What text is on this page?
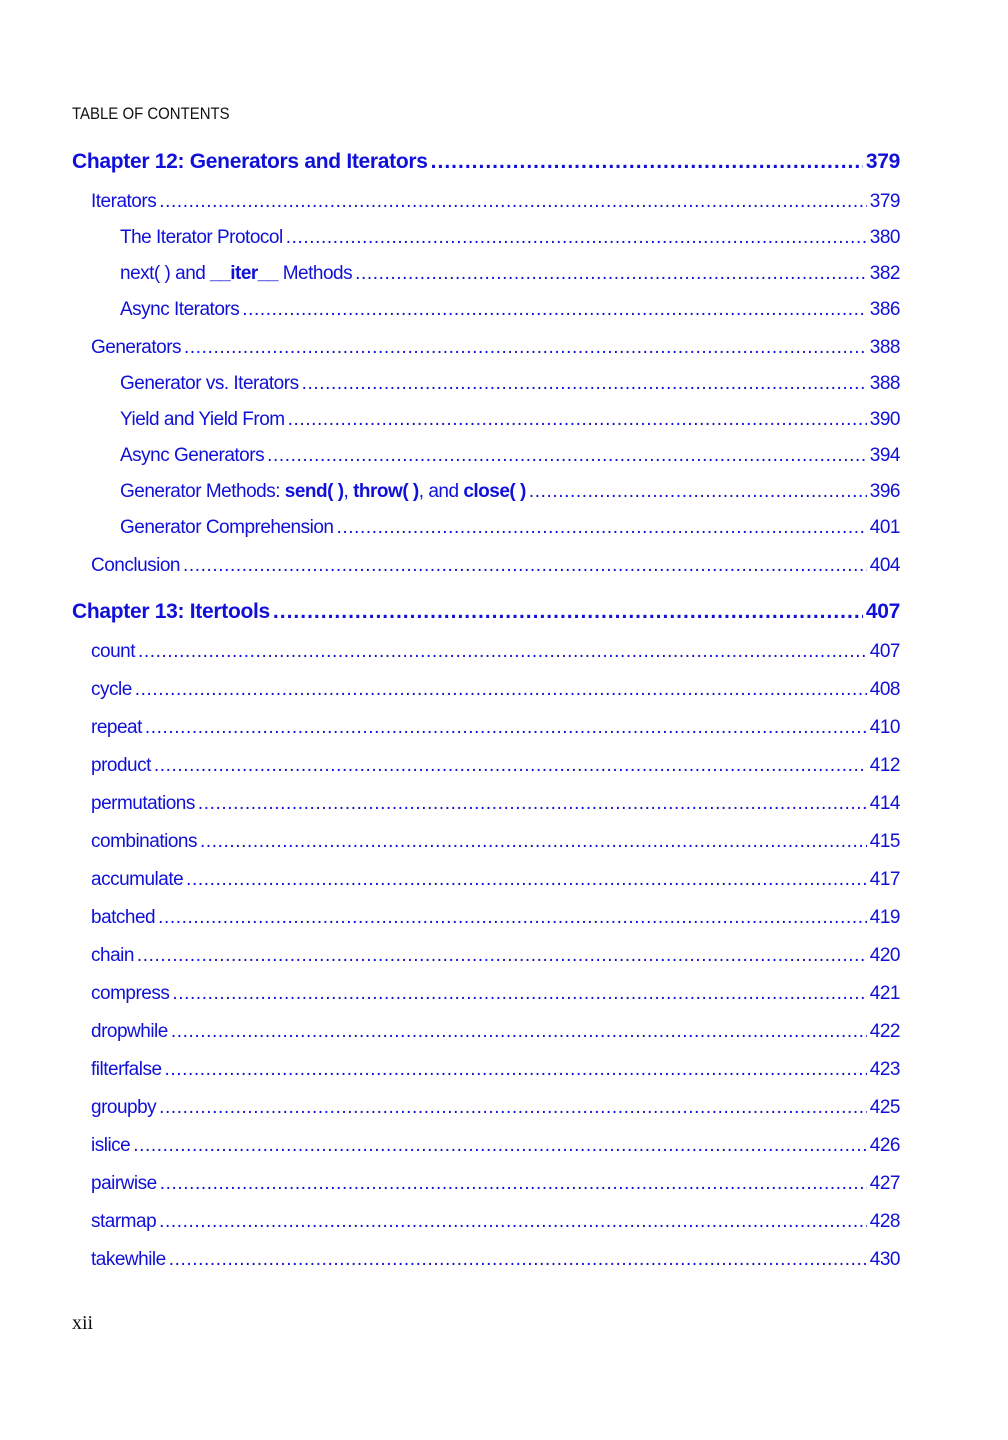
TABLE OF CONTENTS
Chapter 12: Generators and Iterators .....	379
Iterators .....	379
The Iterator Protocol .....	380
next( ) and __iter__ Methods .....	382
Async Iterators .....	386
Generators .....	388
Generator vs. Iterators .....	388
Yield and Yield From .....	390
Async Generators .....	394
Generator Methods: send( ), throw( ), and close( ) .....	396
Generator Comprehension .....	401
Conclusion .....	404
Chapter 13: Itertools .....	407
count .....	407
cycle .....	408
repeat .....	410
product .....	412
permutations .....	414
combinations .....	415
accumulate .....	417
batched .....	419
chain .....	420
compress .....	421
dropwhile .....	422
filterfalse .....	423
groupby .....	425
islice .....	426
pairwise .....	427
starmap .....	428
takewhile .....	430
xii
